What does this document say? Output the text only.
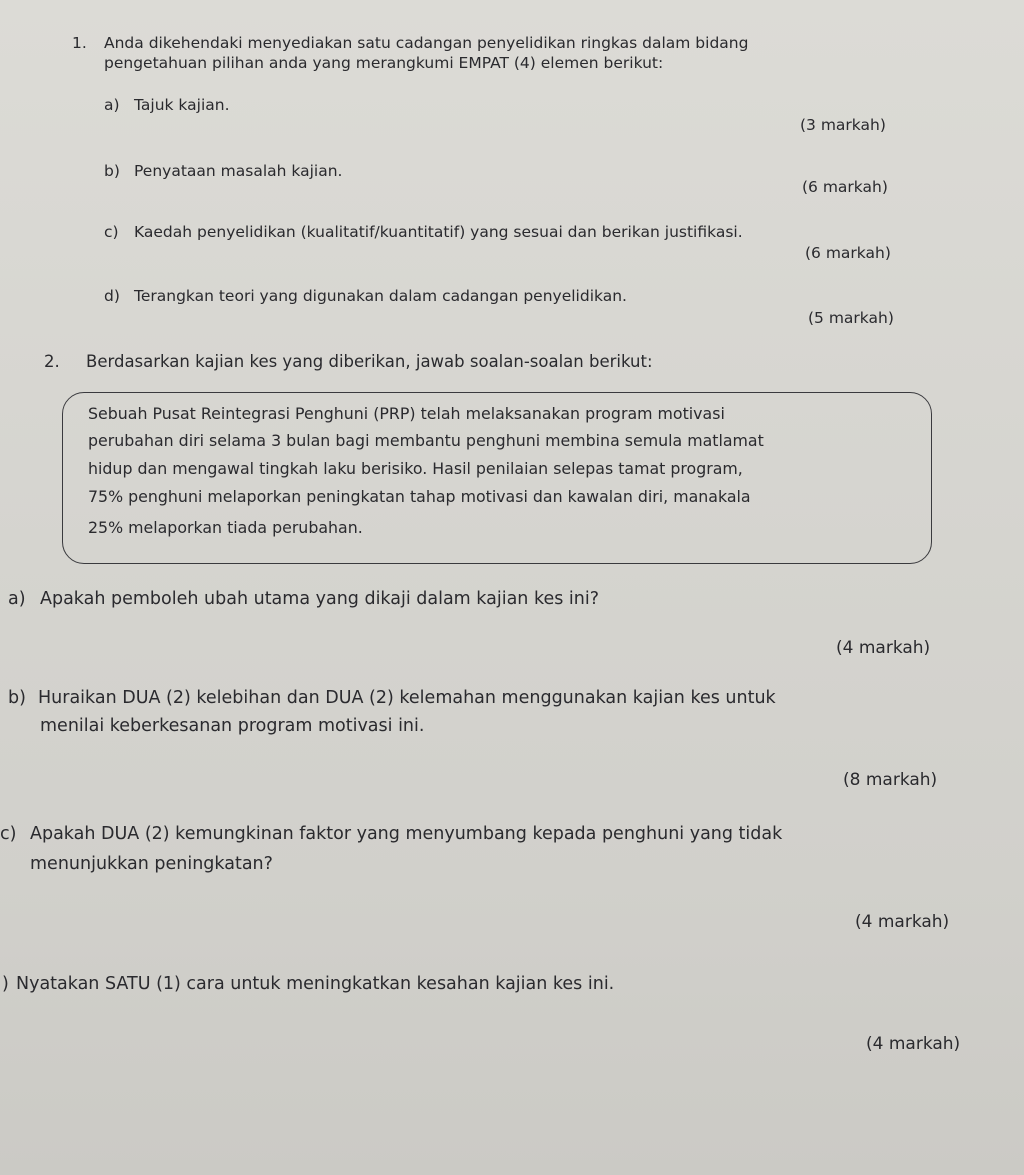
1. Anda dikehendaki menyediakan satu cadangan penyelidikan ringkas dalam bidang
pengetahuan pilihan anda yang merangkumi EMPAT (4) elemen berikut:
a) Tajuk kajian.
(3 markah)
b) Penyataan masalah kajian.
(6 markah)
c) Kaedah penyelidikan (kualitatif/kuantitatif) yang sesuai dan berikan justifikasi.
(6 markah)
d) Terangkan teori yang digunakan dalam cadangan penyelidikan.
(5 markah)
2. Berdasarkan kajian kes yang diberikan, jawab soalan-soalan berikut:
Sebuah Pusat Reintegrasi Penghuni (PRP) telah melaksanakan program motivasi
perubahan diri selama 3 bulan bagi membantu penghuni membina semula matlamat
hidup dan mengawal tingkah laku berisiko. Hasil penilaian selepas tamat program,
75% penghuni melaporkan peningkatan tahap motivasi dan kawalan diri, manakala
25% melaporkan tiada perubahan.
a) Apakah pemboleh ubah utama yang dikaji dalam kajian kes ini?
(4 markah)
b) Huraikan DUA (2) kelebihan dan DUA (2) kelemahan menggunakan kajian kes untuk
menilai keberkesanan program motivasi ini.
(8 markah)
c) Apakah DUA (2) kemungkinan faktor yang menyumbang kepada penghuni yang tidak
menunjukkan peningkatan?
(4 markah)
) Nyatakan SATU (1) cara untuk meningkatkan kesahan kajian kes ini.
(4 markah)
